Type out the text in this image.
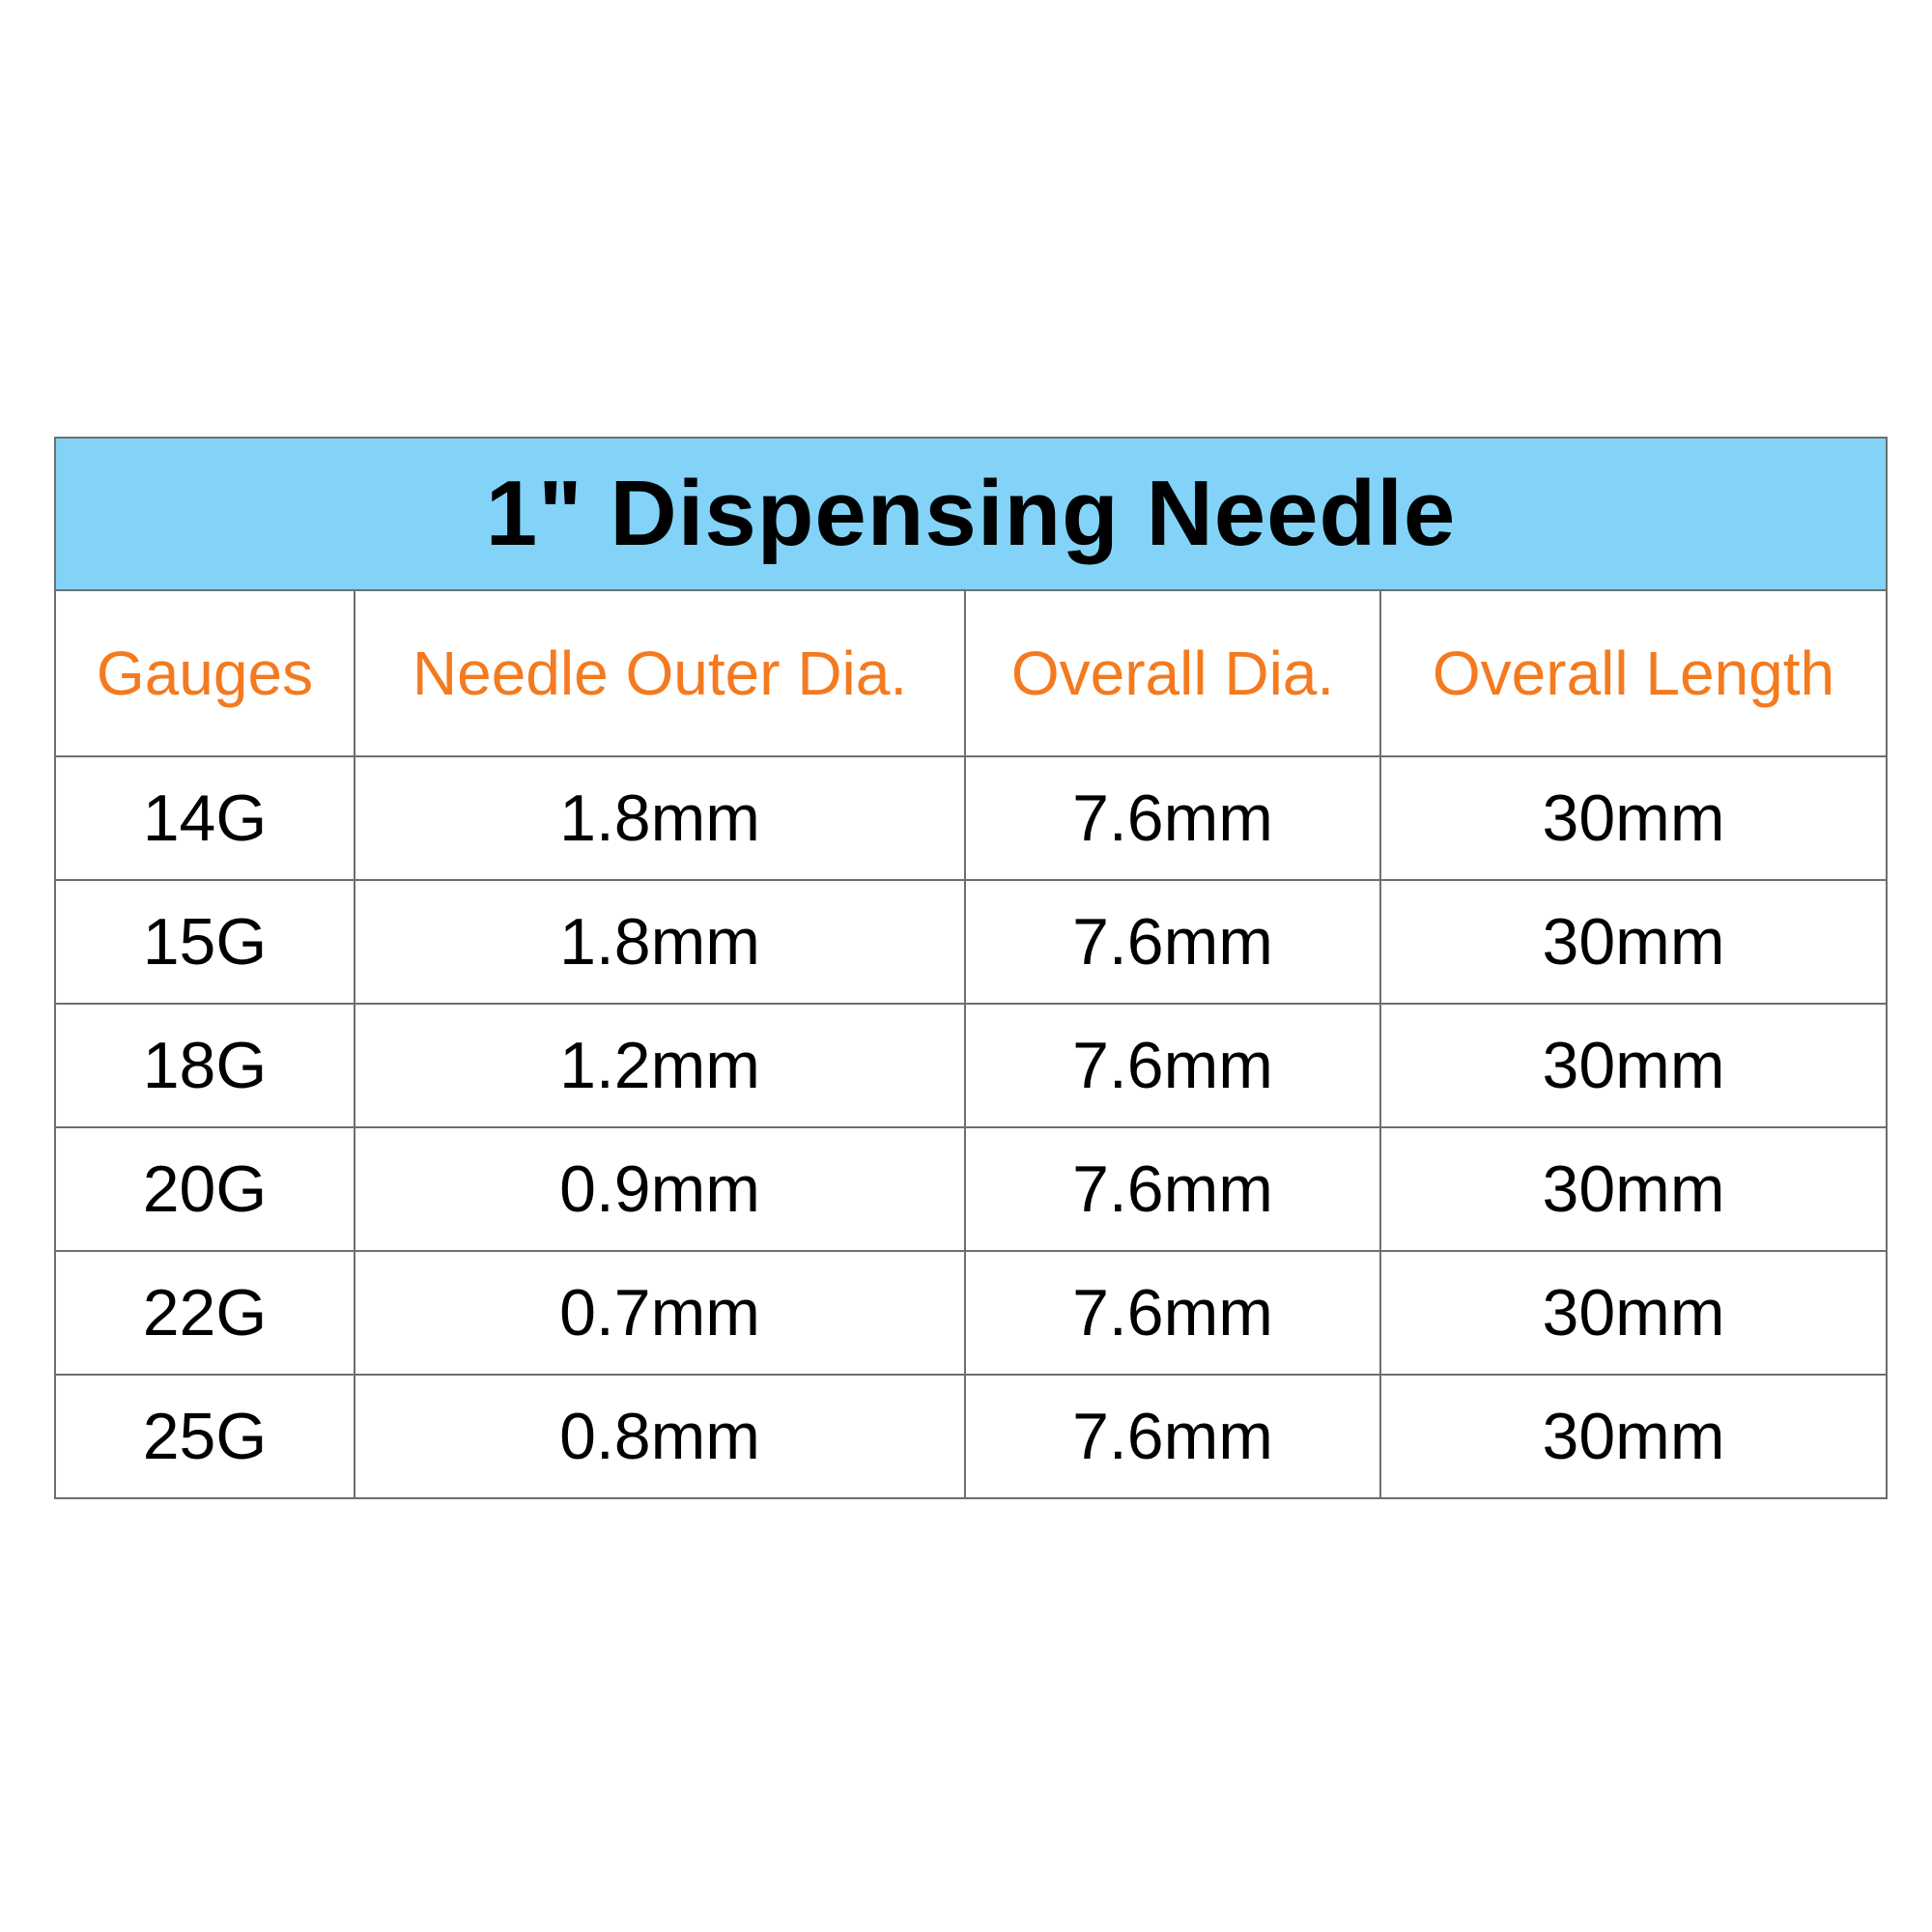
1" Dispensing Needle			
Gauges	Needle Outer Dia.	Overall Dia.	Overall Length
14G	1.8mm	7.6mm	30mm
15G	1.8mm	7.6mm	30mm
18G	1.2mm	7.6mm	30mm
20G	0.9mm	7.6mm	30mm
22G	0.7mm	7.6mm	30mm
25G	0.8mm	7.6mm	30mm
